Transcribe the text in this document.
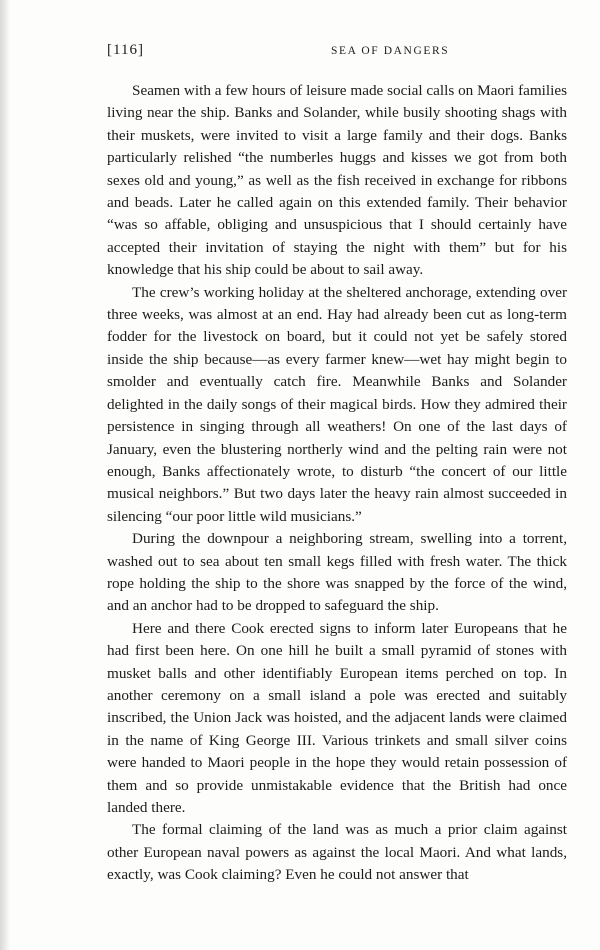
[116]	SEA OF DANGERS

Seamen with a few hours of leisure made social calls on Maori families living near the ship. Banks and Solander, while busily shooting shags with their muskets, were invited to visit a large family and their dogs. Banks particularly relished “the numberles huggs and kisses we got from both sexes old and young,” as well as the fish received in exchange for ribbons and beads. Later he called again on this extended family. Their behavior “was so affable, obliging and unsuspicious that I should certainly have accepted their invitation of staying the night with them” but for his knowledge that his ship could be about to sail away.

The crew’s working holiday at the sheltered anchorage, extending over three weeks, was almost at an end. Hay had already been cut as long-term fodder for the livestock on board, but it could not yet be safely stored inside the ship because—as every farmer knew—wet hay might begin to smolder and eventually catch fire. Meanwhile Banks and Solander delighted in the daily songs of their magical birds. How they admired their persistence in singing through all weathers! On one of the last days of January, even the blustering northerly wind and the pelting rain were not enough, Banks affectionately wrote, to disturb “the concert of our little musical neighbors.” But two days later the heavy rain almost succeeded in silencing “our poor little wild musicians.”

During the downpour a neighboring stream, swelling into a torrent, washed out to sea about ten small kegs filled with fresh water. The thick rope holding the ship to the shore was snapped by the force of the wind, and an anchor had to be dropped to safeguard the ship.

Here and there Cook erected signs to inform later Europeans that he had first been here. On one hill he built a small pyramid of stones with musket balls and other identifiably European items perched on top. In another ceremony on a small island a pole was erected and suitably inscribed, the Union Jack was hoisted, and the adjacent lands were claimed in the name of King George III. Various trinkets and small silver coins were handed to Maori people in the hope they would retain possession of them and so provide unmistakable evidence that the British had once landed there.

The formal claiming of the land was as much a prior claim against other European naval powers as against the local Maori. And what lands, exactly, was Cook claiming? Even he could not answer that
